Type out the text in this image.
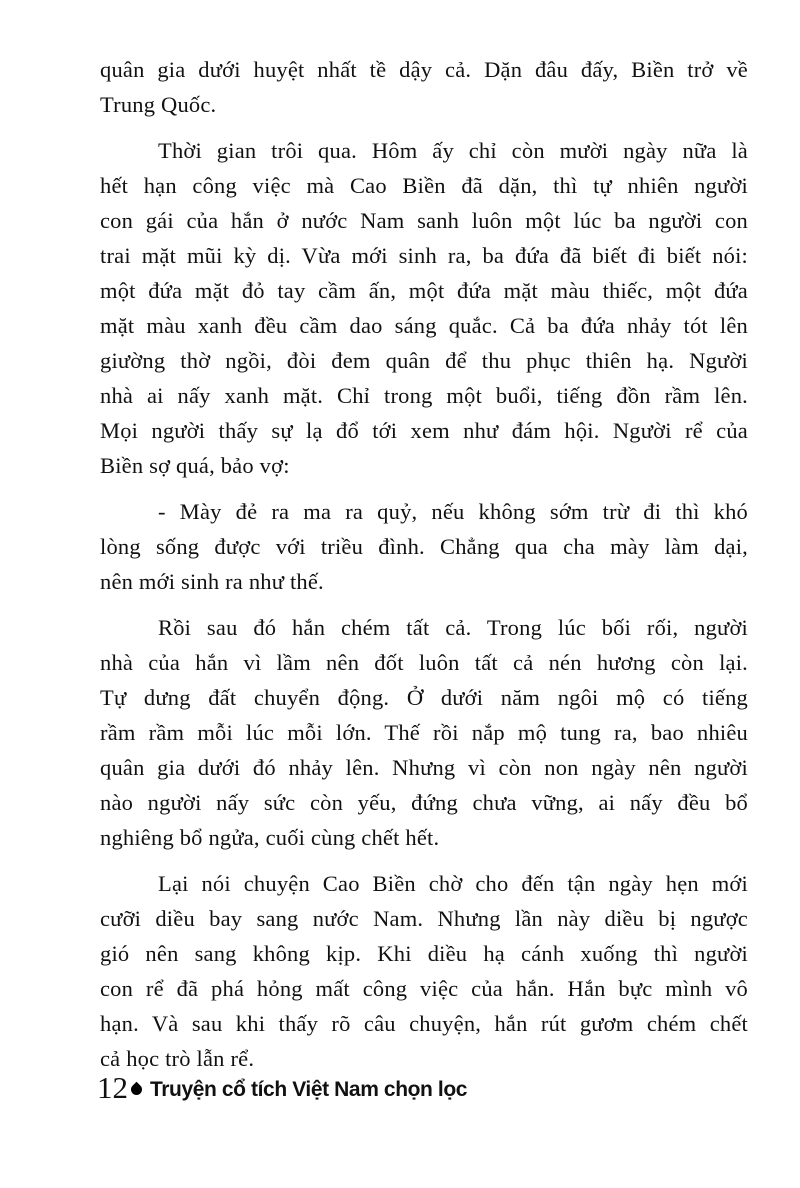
quân gia dưới huyệt nhất tề dậy cả. Dặn đâu đấy, Biền trở về
Trung Quốc.
Thời gian trôi qua. Hôm ấy chỉ còn mười ngày nữa là
hết hạn công việc mà Cao Biền đã dặn, thì tự nhiên người
con gái của hắn ở nước Nam sanh luôn một lúc ba người con
trai mặt mũi kỳ dị. Vừa mới sinh ra, ba đứa đã biết đi biết nói:
một đứa mặt đỏ tay cầm ấn, một đứa mặt màu thiếc, một đứa
mặt màu xanh đều cầm dao sáng quắc. Cả ba đứa nhảy tót lên
giường thờ ngồi, đòi đem quân để thu phục thiên hạ. Người
nhà ai nấy xanh mặt. Chỉ trong một buổi, tiếng đồn rầm lên.
Mọi người thấy sự lạ đổ tới xem như đám hội. Người rể của
Biền sợ quá, bảo vợ:
- Mày đẻ ra ma ra quỷ, nếu không sớm trừ đi thì khó
lòng sống được với triều đình. Chẳng qua cha mày làm dại,
nên mới sinh ra như thế.
Rồi sau đó hắn chém tất cả. Trong lúc bối rối, người
nhà của hắn vì lầm nên đốt luôn tất cả nén hương còn lại.
Tự dưng đất chuyển động. Ở dưới năm ngôi mộ có tiếng
rầm rầm mỗi lúc mỗi lớn. Thế rồi nắp mộ tung ra, bao nhiêu
quân gia dưới đó nhảy lên. Nhưng vì còn non ngày nên người
nào người nấy sức còn yếu, đứng chưa vững, ai nấy đều bổ
nghiêng bổ ngửa, cuối cùng chết hết.
Lại nói chuyện Cao Biền chờ cho đến tận ngày hẹn mới
cưỡi diều bay sang nước Nam. Nhưng lần này diều bị ngược
gió nên sang không kịp. Khi diều hạ cánh xuống thì người
con rể đã phá hỏng mất công việc của hắn. Hắn bực mình vô
hạn. Và sau khi thấy rõ câu chuyện, hắn rút gươm chém chết
cả học trò lẫn rể.
12 Truyện cổ tích Việt Nam chọn lọc
